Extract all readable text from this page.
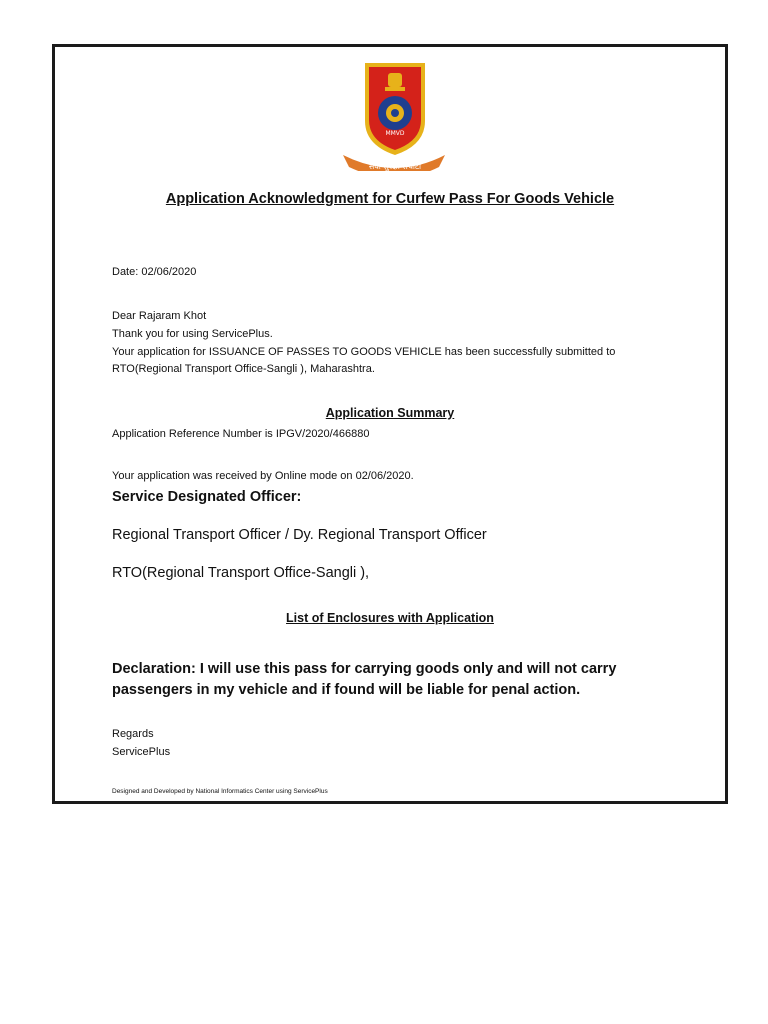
सेवा सुरक्षा सचोटी
MMVD
Application Acknowledgment for Curfew Pass For Goods Vehicle
Date: 02/06/2020
Dear Rajaram Khot
Thank you for using ServicePlus.
Your application for ISSUANCE OF PASSES TO GOODS VEHICLE has been successfully submitted to
RTO(Regional Transport Office-Sangli ), Maharashtra.
Application Summary
Application Reference Number is IPGV/2020/466880
Your application was received by Online mode on 02/06/2020.
Service Designated Officer:
Regional Transport Officer / Dy. Regional Transport Officer
RTO(Regional Transport Office-Sangli ),
List of Enclosures with Application
Declaration: I will use this pass for carrying goods only and will not carry passengers in my vehicle and if found will be liable for penal action.
Regards
ServicePlus
Designed and Developed by National Informatics Center using ServicePlus
